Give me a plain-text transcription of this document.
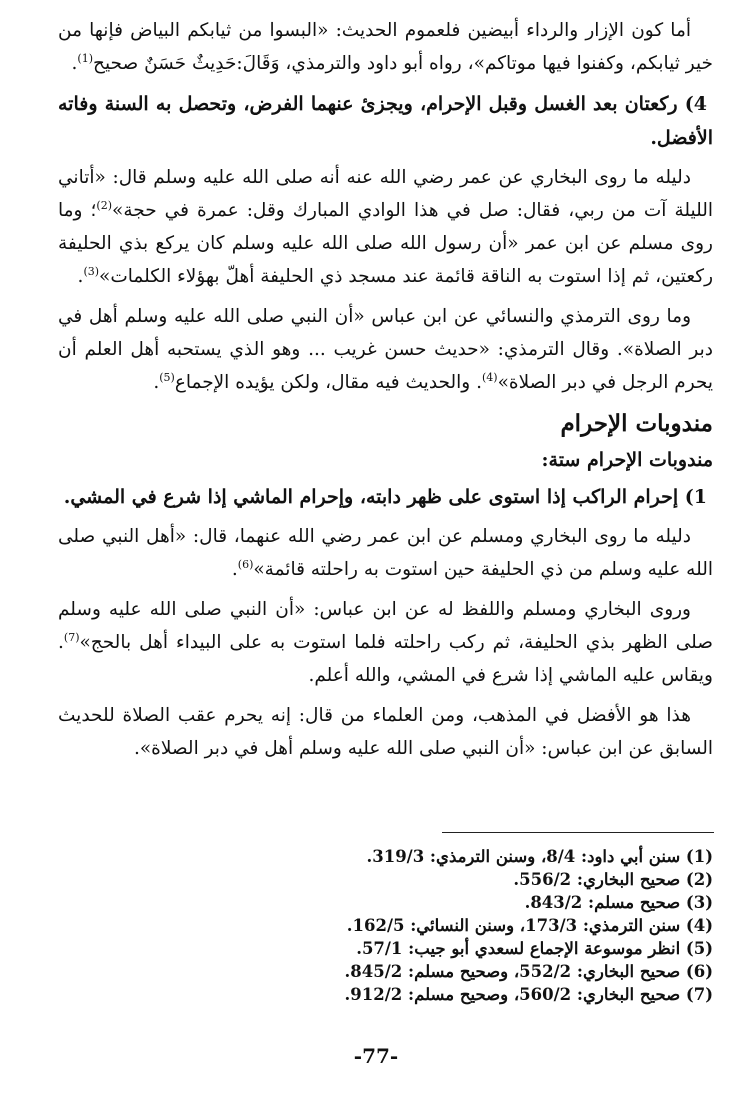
أما كون الإزار والرداء أبيضين فلعموم الحديث: «البسوا من ثيابكم البياض فإنها من خير ثيابكم، وكفنوا فيها موتاكم»، رواه أبو داود والترمذي، وَقَالَ:حَدِيثٌ حَسَنٌ صحيح$^{(1)}$.

4) ركعتان بعد الغسل وقبل الإحرام، ويجزئ عنهما الفرض، وتحصل به السنة وفاته الأفضل.

دليله ما روى البخاري عن عمر رضي الله عنه أنه صلى الله عليه وسلم قال: «أتاني الليلة آت من ربي، فقال: صل في هذا الوادي المبارك وقل: عمرة في حجة»$^{(2)}$؛ وما روى مسلم عن ابن عمر «أن رسول الله صلى الله عليه وسلم كان يركع بذي الحليفة ركعتين، ثم إذا استوت به الناقة قائمة عند مسجد ذي الحليفة أهلّ بهؤلاء الكلمات»$^{(3)}$.

وما روى الترمذي والنسائي عن ابن عباس «أن النبي صلى الله عليه وسلم أهل في دبر الصلاة». وقال الترمذي: «حديث حسن غريب ... وهو الذي يستحبه أهل العلم أن يحرم الرجل في دبر الصلاة»$^{(4)}$. والحديث فيه مقال، ولكن يؤيده الإجماع$^{(5)}$.

مندوبات الإحرام
مندوبات الإحرام ستة:

1) إحرام الراكب إذا استوى على ظهر دابته، وإحرام الماشي إذا شرع في المشي.

دليله ما روى البخاري ومسلم عن ابن عمر رضي الله عنهما، قال: «أهل النبي صلى الله عليه وسلم من ذي الحليفة حين استوت به راحلته قائمة»$^{(6)}$.

وروى البخاري ومسلم واللفظ له عن ابن عباس: «أن النبي صلى الله عليه وسلم صلى الظهر بذي الحليفة، ثم ركب راحلته فلما استوت به على البيداء أهل بالحج»$^{(7)}$. ويقاس عليه الماشي إذا شرع في المشي، والله أعلم.

هذا هو الأفضل في المذهب، ومن العلماء من قال: إنه يحرم عقب الصلاة للحديث السابق عن ابن عباس: «أن النبي صلى الله عليه وسلم أهل في دبر الصلاة».

(1) سنن أبي داود: 8/4، وسنن الترمذي: 319/3.

(2) صحيح البخاري: 556/2.

(3) صحيح مسلم: 843/2.

(4) سنن الترمذي: 173/3، وسنن النسائي: 162/5.

(5) انظر موسوعة الإجماع لسعدي أبو جيب: 57/1.

(6) صحيح البخاري: 552/2، وصحيح مسلم: 845/2.

(7) صحيح البخاري: 560/2، وصحيح مسلم: 912/2.

-77-
